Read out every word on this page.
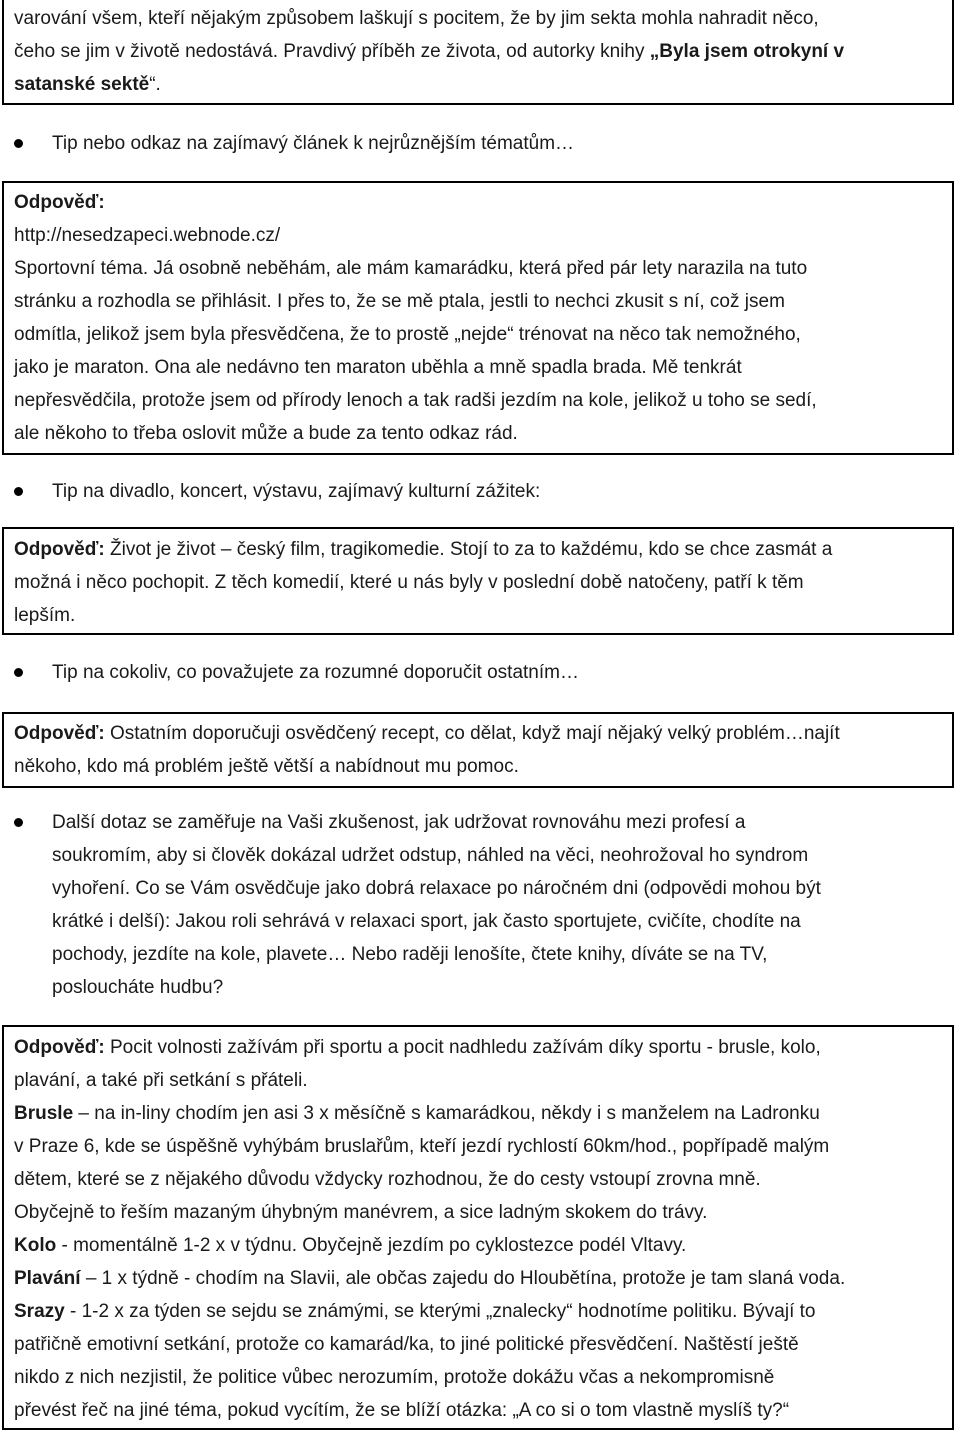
varování všem, kteří nějakým způsobem laškují s pocitem, že by jim sekta mohla nahradit něco,
čeho se jim v životě nedostává. Pravdivý příběh ze života, od autorky knihy „Byla jsem otrokyní v
satanské sektě“.
Tip nebo odkaz na zajímavý článek k nejrůznějším tématům…
Odpověď:
http://nesedzapeci.webnode.cz/
Sportovní téma. Já osobně neběhám, ale mám kamarádku, která před pár lety narazila na tuto
stránku a rozhodla se přihlásit. I přes to, že se mě ptala, jestli to nechci zkusit s ní, což jsem
odmítla, jelikož jsem byla přesvědčena, že to prostě „nejde“ trénovat na něco tak nemožného,
jako je maraton. Ona ale nedávno ten maraton uběhla a mně spadla brada. Mě tenkrát
nepřesvědčila, protože jsem od přírody lenoch a tak radši jezdím na kole, jelikož u toho se sedí,
ale někoho to třeba oslovit může a bude za tento odkaz rád.
Tip na divadlo, koncert, výstavu, zajímavý kulturní zážitek:
Odpověď: Život je život – český film, tragikomedie. Stojí to za to každému, kdo se chce zasmát a
možná i něco pochopit. Z těch komedií, které u nás byly v poslední době natočeny, patří k těm
lepším.
Tip na cokoliv, co považujete za rozumné doporučit ostatním…
Odpověď: Ostatním doporučuji osvědčený recept, co dělat, když mají nějaký velký problém…najít
někoho, kdo má problém ještě větší a nabídnout mu pomoc.
Další dotaz se zaměřuje na Vaši zkušenost, jak udržovat rovnováhu mezi profesí a
soukromím, aby si člověk dokázal udržet odstup, náhled na věci, neohrožoval ho syndrom
vyhoření. Co se Vám osvědčuje jako dobrá relaxace po náročném dni (odpovědi mohou být
krátké i delší): Jakou roli sehrává v relaxaci sport, jak často sportujete, cvičíte, chodíte na
pochody, jezdíte na kole, plavete… Nebo raději lenošíte, čtete knihy, díváte se na TV,
posloucháte hudbu?
Odpověď: Pocit volnosti zažívám při sportu a pocit nadhledu zažívám díky sportu - brusle, kolo,
plavání, a také při setkání s přáteli.
Brusle – na in-liny chodím jen asi 3 x měsíčně s kamarádkou, někdy i s manželem na Ladronku
v Praze 6, kde se úspěšně vyhýbám bruslařům, kteří jezdí rychlostí 60km/hod., popřípadě malým
dětem, které se z nějakého důvodu vždycky rozhodnou, že do cesty vstoupí zrovna mně.
Obyčejně to řeším mazaným úhybným manévrem, a sice ladným skokem do trávy.
Kolo - momentálně 1-2 x v týdnu. Obyčejně jezdím po cyklostezce podél Vltavy.
Plavání – 1 x týdně - chodím na Slavii, ale občas zajedu do Hloubětína, protože je tam slaná voda.
Srazy - 1-2 x za týden se sejdu se známými, se kterými „znalecky“ hodnotíme politiku. Bývají to
patřičně emotivní setkání, protože co kamarád/ka, to jiné politické přesvědčení. Naštěstí ještě
nikdo z nich nezjistil, že politice vůbec nerozumím, protože dokážu včas a nekompromisně
převést řeč na jiné téma, pokud vycítím, že se blíží otázka: „A co si o tom vlastně myslíš ty?“
